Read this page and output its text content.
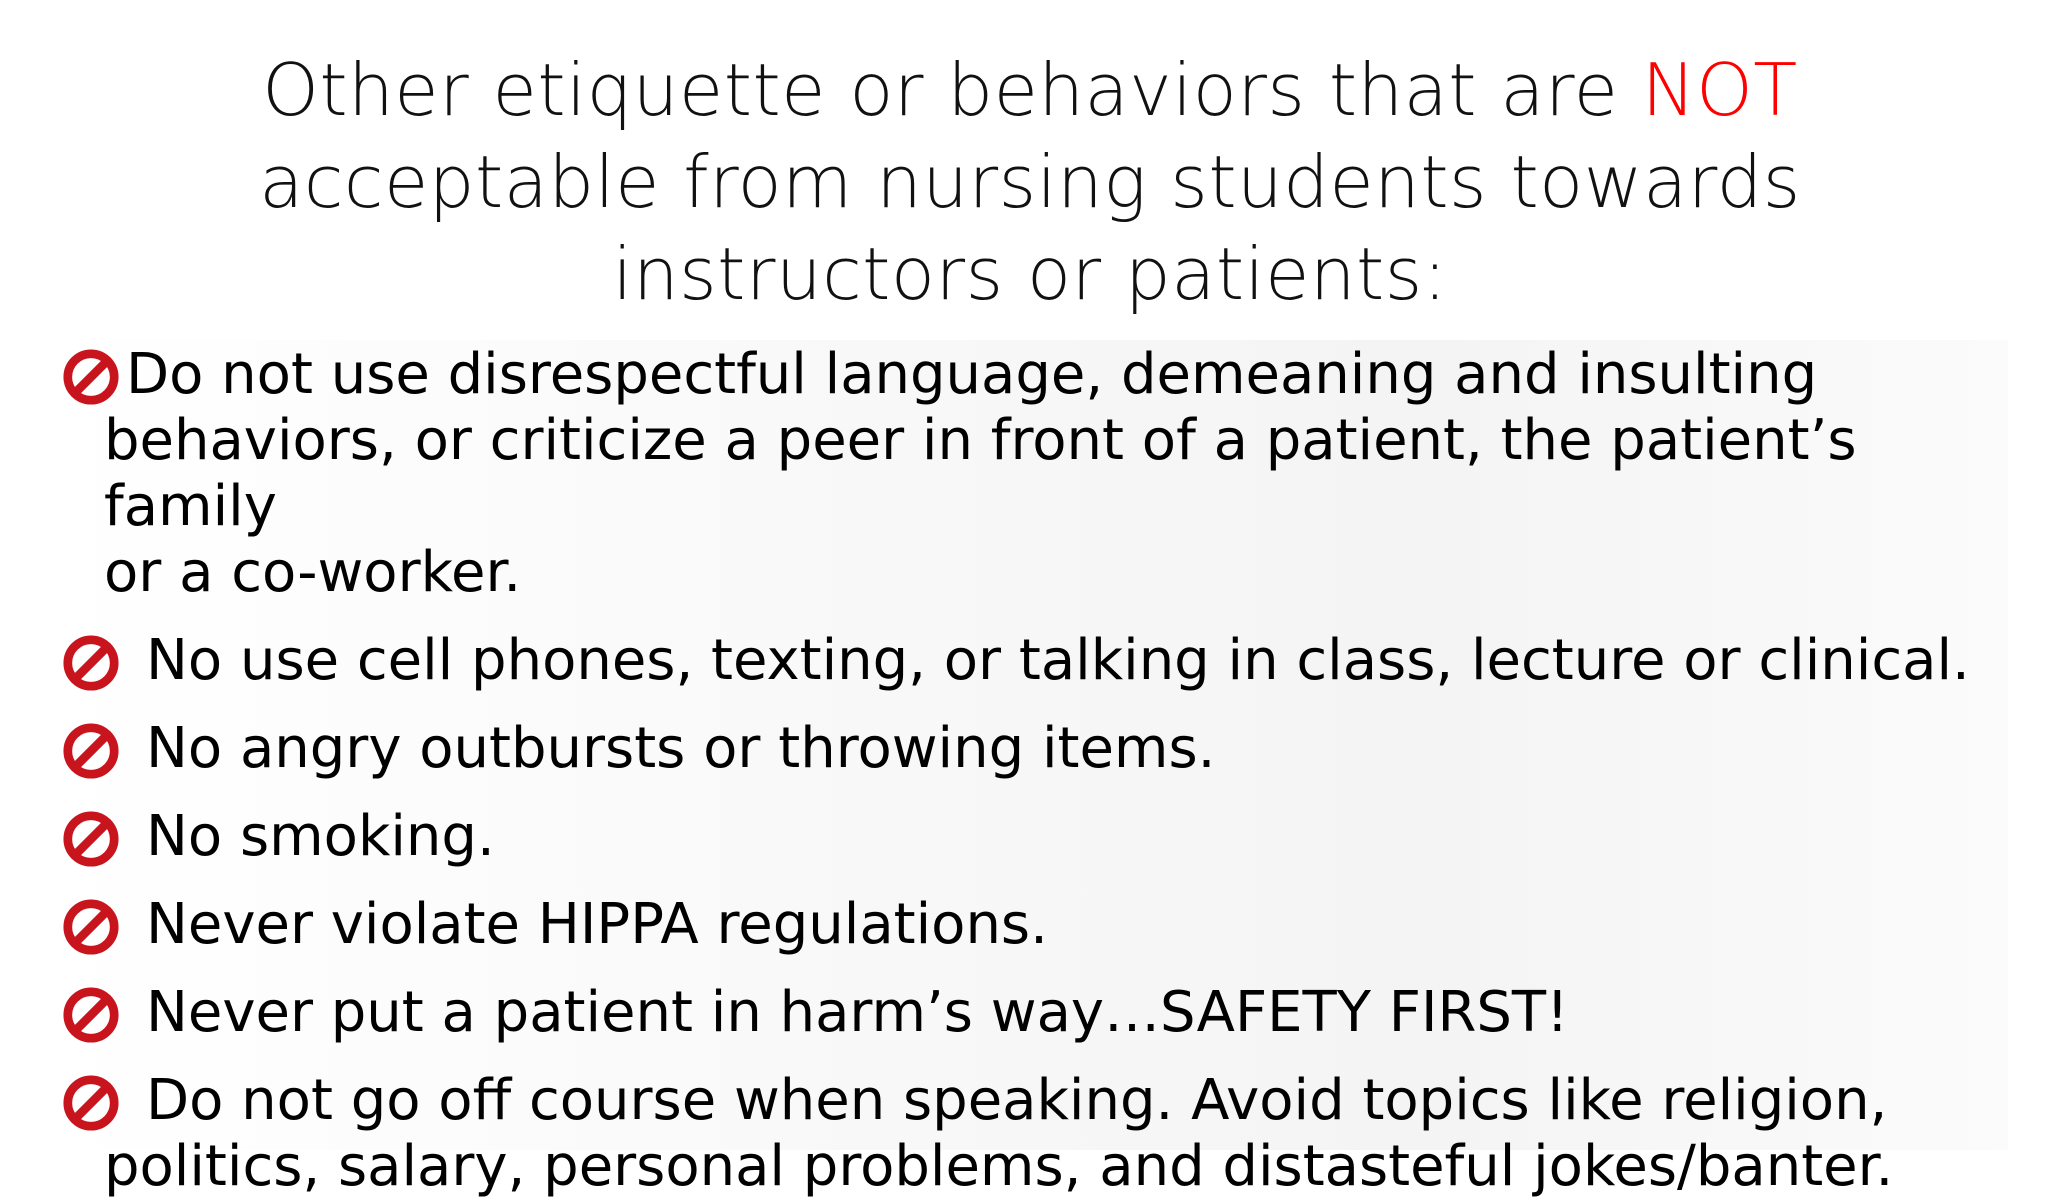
Other etiquette or behaviors that are NOT
acceptable from nursing students towards
instructors or patients:
Do not use disrespectful language, demeaning and insulting
behaviors, or criticize a peer in front of a patient, the patient’s family
or a co-worker.
No use cell phones, texting, or talking in class, lecture or clinical.
No angry outbursts or throwing items.
No smoking.
Never violate HIPPA regulations.
Never put a patient in harm’s way…SAFETY FIRST!
Do not go off course when speaking. Avoid topics like religion,
politics, salary, personal problems, and distasteful jokes/banter.
